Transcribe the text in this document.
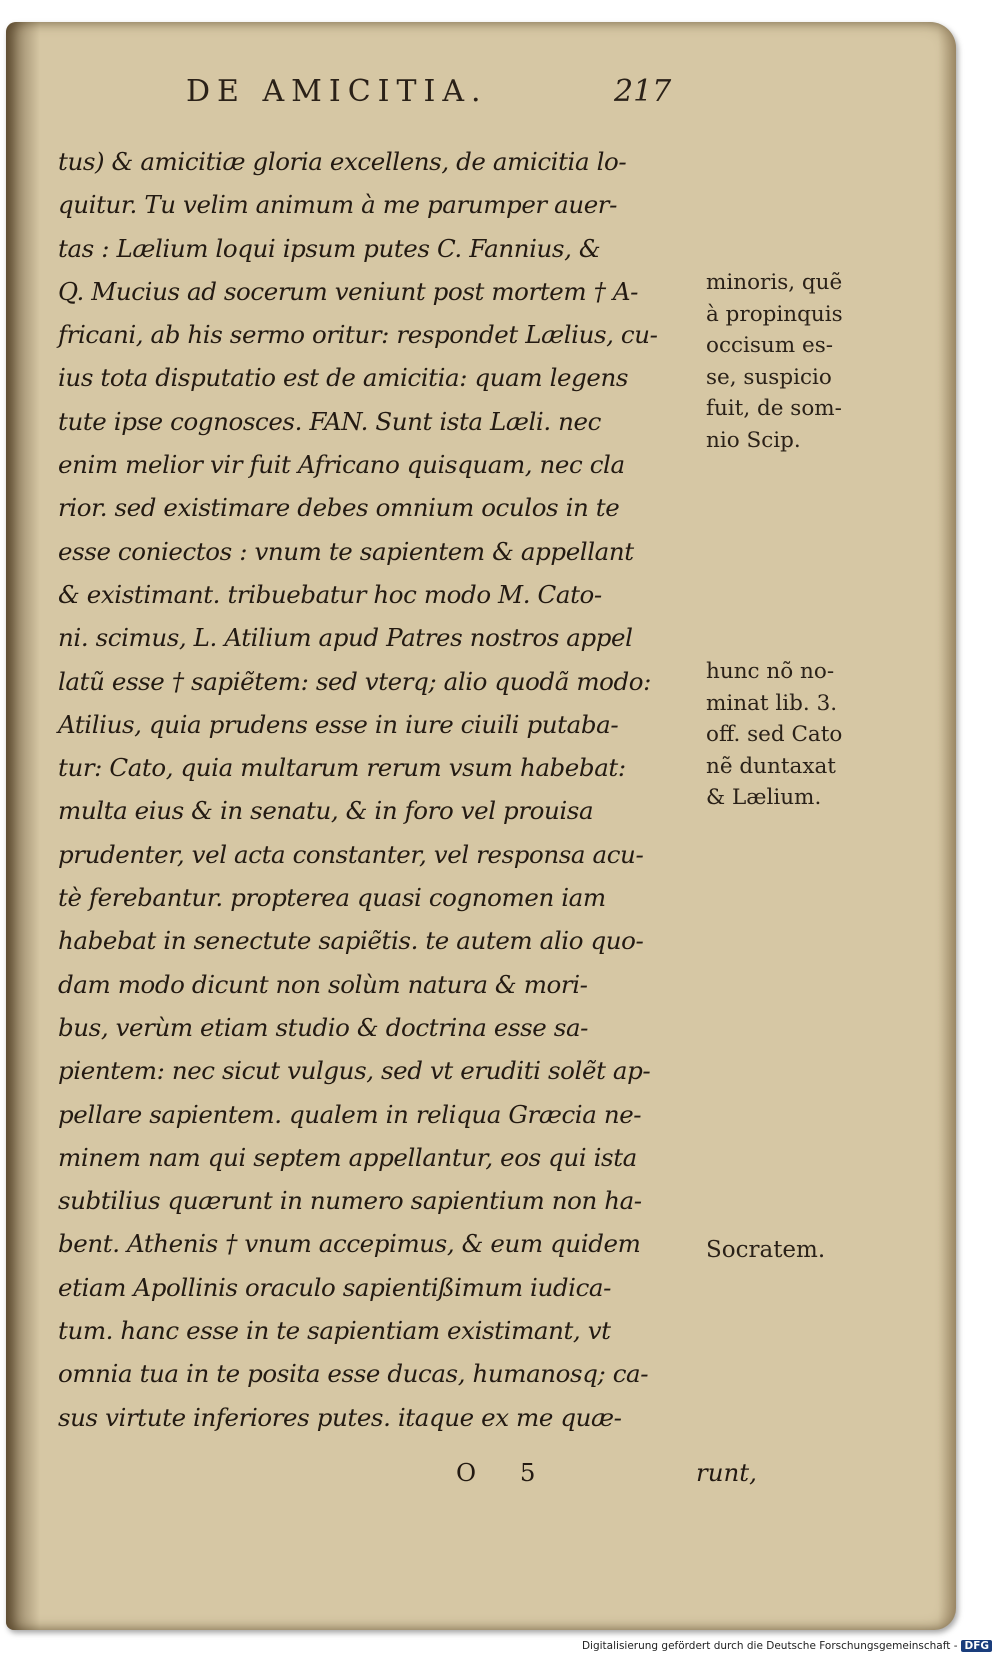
DE AMICITIA.	217
tus) & amicitiæ gloria excellens, de amicitia lo-
quitur. Tu velim animum à me parumper auer-
tas : Lælium loqui ipsum putes C. Fannius, &
Q. Mucius ad socerum veniunt post mortem † A-
fricani, ab his sermo oritur: respondet Lælius, cu-
ius tota disputatio est de amicitia: quam legens
tute ipse cognosces. FAN. Sunt ista Læli. nec
enim melior vir fuit Africano quisquam, nec cla
rior. sed existimare debes omnium oculos in te
esse coniectos : vnum te sapientem & appellant
& existimant. tribuebatur hoc modo M. Cato-
ni. scimus, L. Atilium apud Patres nostros appel
latũ esse † sapiẽtem: sed vterq; alio quodã modo:
Atilius, quia prudens esse in iure ciuili putaba-
tur: Cato, quia multarum rerum vsum habebat:
multa eius & in senatu, & in foro vel prouisa
prudenter, vel acta constanter, vel responsa acu-
tè ferebantur. propterea quasi cognomen iam
habebat in senectute sapiẽtis. te autem alio quo-
dam modo dicunt non solùm natura & mori-
bus, verùm etiam studio & doctrina esse sa-
pientem: nec sicut vulgus, sed vt eruditi solẽt ap-
pellare sapientem. qualem in reliqua Græcia ne-
minem nam qui septem appellantur, eos qui ista
subtilius quærunt in numero sapientium non ha-
bent. Athenis † vnum accepimus, & eum quidem
etiam Apollinis oraculo sapientißimum iudica-
tum. hanc esse in te sapientiam existimant, vt
omnia tua in te posita esse ducas, humanosq; ca-
sus virtute inferiores putes. itaque ex me quæ-
minoris, quẽ
à propinquis
occisum es-
se, suspicio
fuit, de som-
nio Scip.
hunc nõ no-
minat lib. 3.
off. sed Cato
nẽ duntaxat
& Lælium.
Socratem.
O 5	runt,
Digitalisierung gefördert durch die Deutsche Forschungsgemeinschaft - DFG
